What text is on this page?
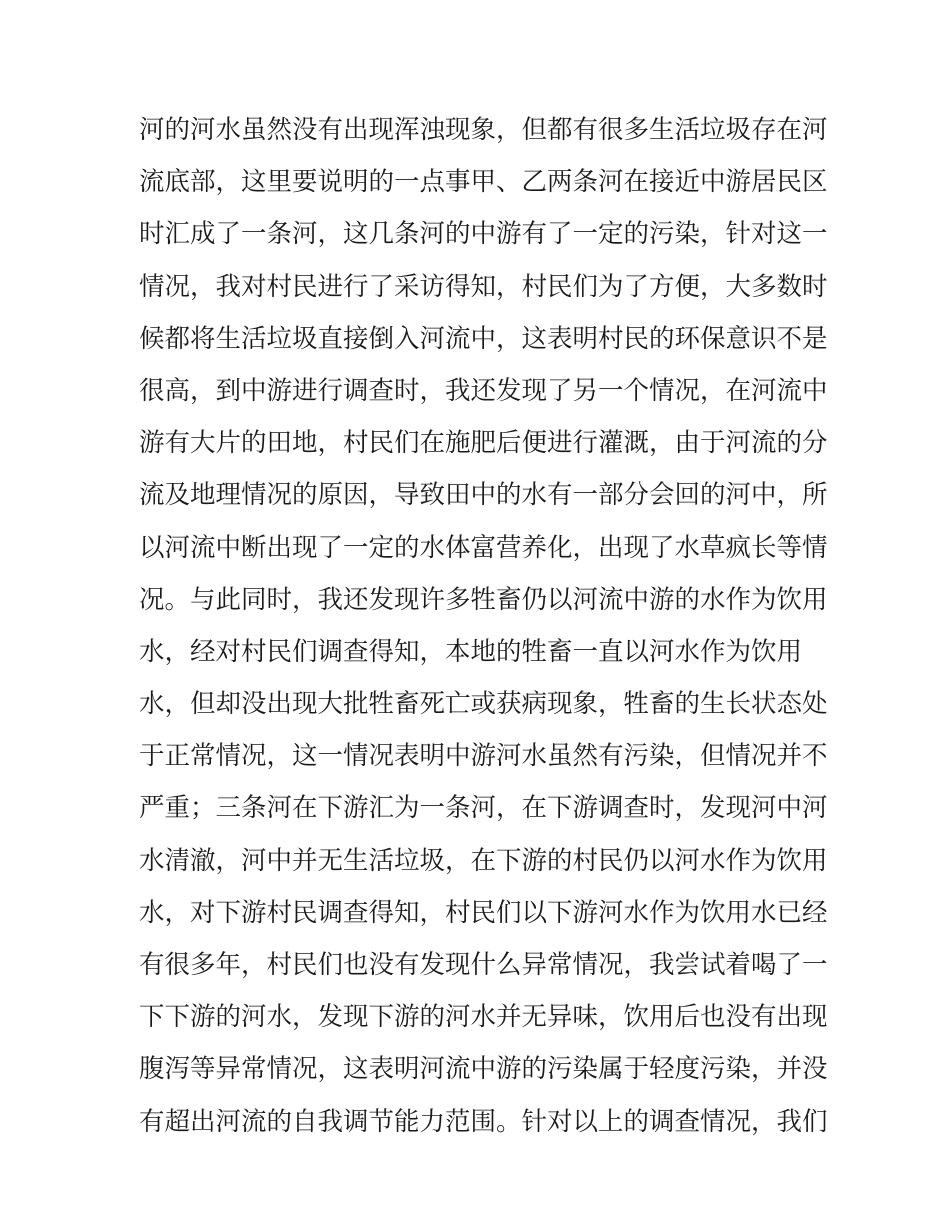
河的河水虽然没有出现浑浊现象，但都有很多生活垃圾存在河
流底部，这里要说明的一点事甲、乙两条河在接近中游居民区
时汇成了一条河，这几条河的中游有了一定的污染，针对这一
情况，我对村民进行了采访得知，村民们为了方便，大多数时
候都将生活垃圾直接倒入河流中，这表明村民的环保意识不是
很高，到中游进行调查时，我还发现了另一个情况，在河流中
游有大片的田地，村民们在施肥后便进行灌溉，由于河流的分
流及地理情况的原因，导致田中的水有一部分会回的河中，所
以河流中断出现了一定的水体富营养化，出现了水草疯长等情
况。与此同时，我还发现许多牲畜仍以河流中游的水作为饮用
水，经对村民们调查得知，本地的牲畜一直以河水作为饮用
水，但却没出现大批牲畜死亡或获病现象，牲畜的生长状态处
于正常情况，这一情况表明中游河水虽然有污染，但情况并不
严重；三条河在下游汇为一条河，在下游调查时，发现河中河
水清澈，河中并无生活垃圾，在下游的村民仍以河水作为饮用
水，对下游村民调查得知，村民们以下游河水作为饮用水已经
有很多年，村民们也没有发现什么异常情况，我尝试着喝了一
下下游的河水，发现下游的河水并无异味，饮用后也没有出现
腹泻等异常情况，这表明河流中游的污染属于轻度污染，并没
有超出河流的自我调节能力范围。针对以上的调查情况，我们
